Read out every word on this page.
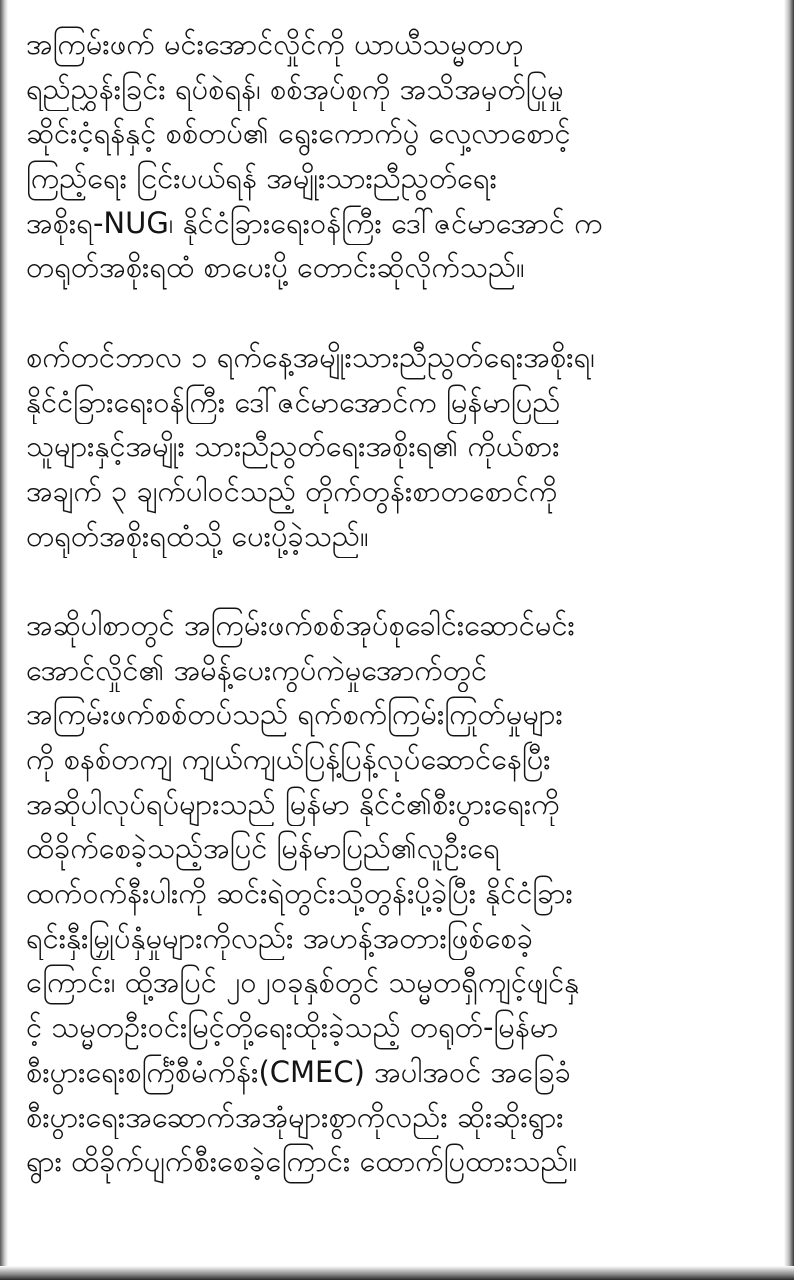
အကြမ်းဖက် မင်းအောင်လှိုင်ကို ယာယီသမ္မတဟု
ရည်ညွှန်းခြင်း ရပ်စဲရန်၊ စစ်အုပ်စုကို အသိအမှတ်ပြုမှု
ဆိုင်းငံ့ရန်နှင့် စစ်တပ်၏ ရွေးကောက်ပွဲ လှေ့လာစောင့်
ကြည့်ရေး ငြင်းပယ်ရန် အမျိုးသားညီညွတ်ရေး
အစိုးရ-NUG၊ နိုင်ငံခြားရေးဝန်ကြီး ဒေါ်ဇင်မာအောင် က
တရုတ်အစိုးရထံ စာပေးပို့ တောင်းဆိုလိုက်သည်။
စက်တင်ဘာလ ၁ ရက်နေ့အမျိုးသားညီညွတ်ရေးအစိုးရ၊
နိုင်ငံခြားရေးဝန်ကြီး ဒေါ်ဇင်မာအောင်က မြန်မာပြည်
သူများနှင့်အမျိုး သားညီညွတ်ရေးအစိုးရ၏ ကိုယ်စား
အချက် ၃ ချက်ပါဝင်သည့် တိုက်တွန်းစာတစောင်ကို
တရုတ်အစိုးရထံသို့ ပေးပို့ခဲ့သည်။
အဆိုပါစာတွင် အကြမ်းဖက်စစ်အုပ်စုခေါင်းဆောင်မင်း
အောင်လှိုင်၏ အမိန့်ပေးကွပ်ကဲမှုအောက်တွင်
အကြမ်းဖက်စစ်တပ်သည် ရက်စက်ကြမ်းကြုတ်မှုများ
ကို စနစ်တကျ ကျယ်ကျယ်ပြန့်ပြန့်လုပ်ဆောင်နေပြီး
အဆိုပါလုပ်ရပ်များသည် မြန်မာ နိုင်ငံ၏စီးပွားရေးကို
ထိခိုက်စေခဲ့သည့်အပြင် မြန်မာပြည်၏လူဦးရေ
ထက်ဝက်နီးပါးကို ဆင်းရဲတွင်းသို့တွန်းပို့ခဲ့ပြီး နိုင်ငံခြား
ရင်းနှီးမြှုပ်နှံမှုများကိုလည်း အဟန့်အတားဖြစ်စေခဲ့
ကြောင်း၊ ထို့အပြင် ၂၀၂၀ခုနှစ်တွင် သမ္မတရှီကျင့်ဖျင်နှ
င့် သမ္မတဦးဝင်းမြင့်တို့ရေးထိုးခဲ့သည့် တရုတ်-မြန်မာ
စီးပွားရေးစင်္ကြံစီမံကိန်း(CMEC) အပါအဝင် အခြေခံ
စီးပွားရေးအဆောက်အအုံများစွာကိုလည်း ဆိုးဆိုးရွား
ရွား ထိခိုက်ပျက်စီးစေခဲ့ကြောင်း ထောက်ပြထားသည်။
